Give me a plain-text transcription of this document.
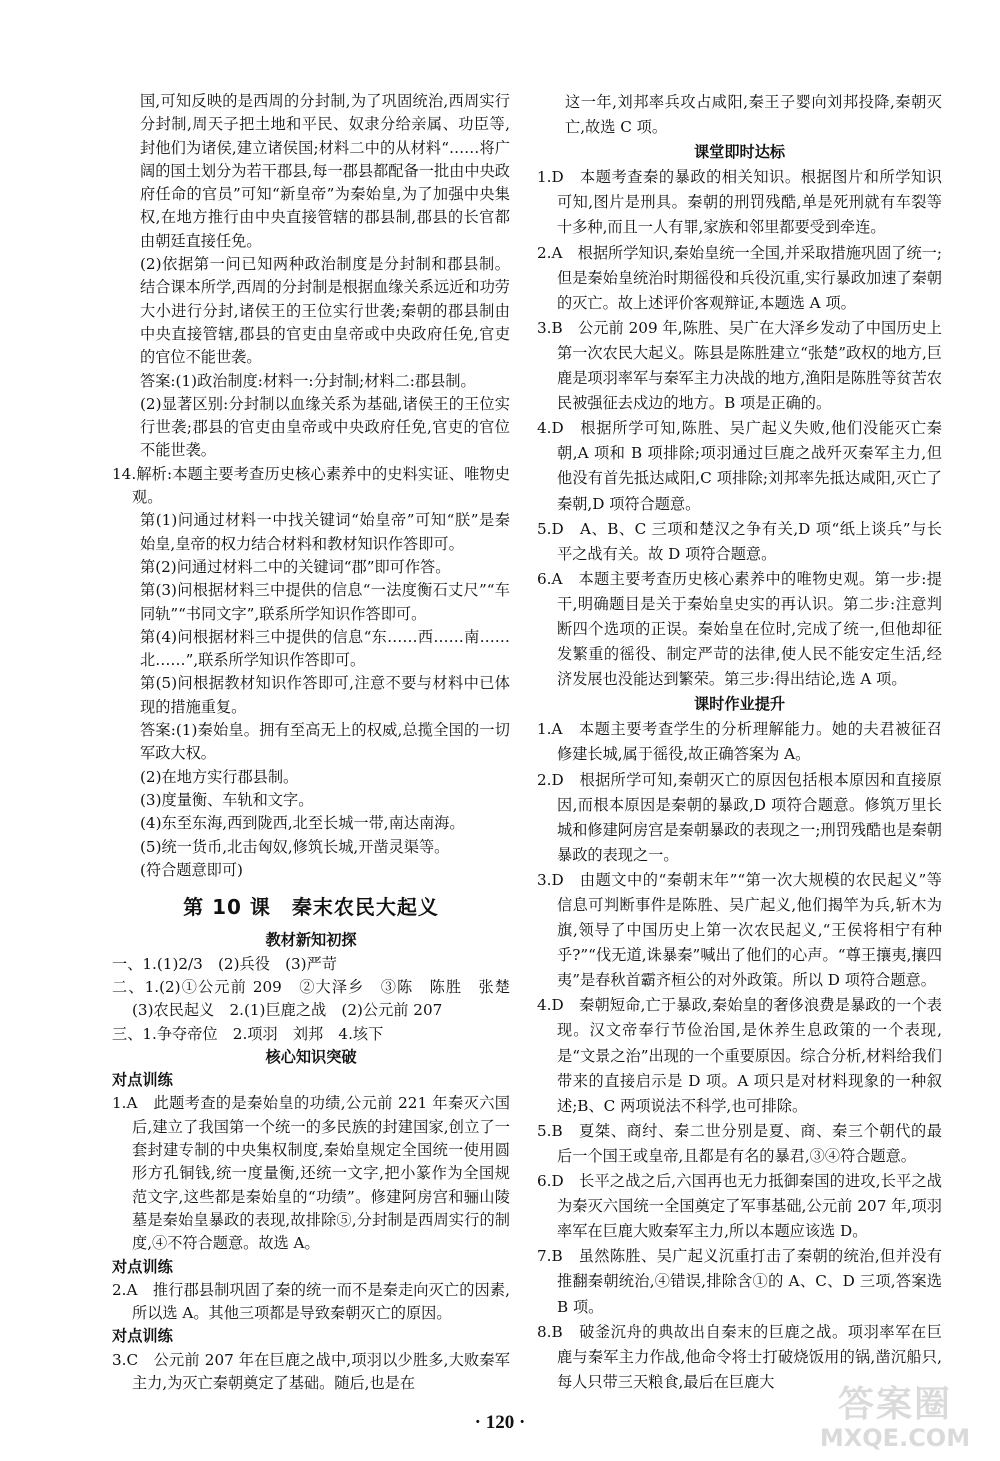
国,可知反映的是西周的分封制,为了巩固统治,西周实行分封制,周天子把土地和平民、奴隶分给亲属、功臣等,封他们为诸侯,建立诸侯国;材料二中的从材料“……将广阔的国土划分为若干郡县,每一郡县都配备一批由中央政府任命的官员”可知“新皇帝”为秦始皇,为了加强中央集权,在地方推行由中央直接管辖的郡县制,郡县的长官都由朝廷直接任免。

(2)依据第一问已知两种政治制度是分封制和郡县制。结合课本所学,西周的分封制是根据血缘关系远近和功劳大小进行分封,诸侯王的王位实行世袭;秦朝的郡县制由中央直接管辖,郡县的官吏由皇帝或中央政府任免,官吏的官位不能世袭。

答案:(1)政治制度:材料一:分封制;材料二:郡县制。

(2)显著区别:分封制以血缘关系为基础,诸侯王的王位实行世袭;郡县的官吏由皇帝或中央政府任免,官吏的官位不能世袭。

14.解析:本题主要考查历史核心素养中的史料实证、唯物史观。

第(1)问通过材料一中找关键词“始皇帝”可知“朕”是秦始皇,皇帝的权力结合材料和教材知识作答即可。

第(2)问通过材料二中的关键词“郡”即可作答。

第(3)问根据材料三中提供的信息“一法度衡石丈尺”“车同轨”“书同文字”,联系所学知识作答即可。

第(4)问根据材料三中提供的信息“东……西……南……北……”,联系所学知识作答即可。

第(5)问根据教材知识作答即可,注意不要与材料中已体现的措施重复。

答案:(1)秦始皇。拥有至高无上的权威,总揽全国的一切军政大权。

(2)在地方实行郡县制。

(3)度量衡、车轨和文字。

(4)东至东海,西到陇西,北至长城一带,南达南海。

(5)统一货币,北击匈奴,修筑长城,开凿灵渠等。

(符合题意即可)

第 10 课　秦末农民大起义

教材新知初探

一、1.(1)2/3　(2)兵役　(3)严苛

二、1.(2)①公元前 209　②大泽乡　③陈　陈胜　张楚　(3)农民起义　2.(1)巨鹿之战　(2)公元前 207

三、1.争夺帝位　2.项羽　刘邦　4.垓下

核心知识突破

对点训练

1.A　此题考查的是秦始皇的功绩,公元前 221 年秦灭六国后,建立了我国第一个统一的多民族的封建国家,创立了一套封建专制的中央集权制度,秦始皇规定全国统一使用圆形方孔铜钱,统一度量衡,还统一文字,把小篆作为全国规范文字,这些都是秦始皇的“功绩”。修建阿房宫和骊山陵墓是秦始皇暴政的表现,故排除⑤,分封制是西周实行的制度,④不符合题意。故选 A。

对点训练

2.A　推行郡县制巩固了秦的统一而不是秦走向灭亡的因素,所以选 A。其他三项都是导致秦朝灭亡的原因。

对点训练

3.C　公元前 207 年在巨鹿之战中,项羽以少胜多,大败秦军主力,为灭亡秦朝奠定了基础。随后,也是在

这一年,刘邦率兵攻占咸阳,秦王子婴向刘邦投降,秦朝灭亡,故选 C 项。

课堂即时达标

1.D　本题考查秦的暴政的相关知识。根据图片和所学知识可知,图片是刑具。秦朝的刑罚残酷,单是死刑就有车裂等十多种,而且一人有罪,家族和邻里都要受到牵连。

2.A　根据所学知识,秦始皇统一全国,并采取措施巩固了统一;但是秦始皇统治时期徭役和兵役沉重,实行暴政加速了秦朝的灭亡。故上述评价客观辩证,本题选 A 项。

3.B　公元前 209 年,陈胜、吴广在大泽乡发动了中国历史上第一次农民大起义。陈县是陈胜建立“张楚”政权的地方,巨鹿是项羽率军与秦军主力决战的地方,渔阳是陈胜等贫苦农民被强征去戍边的地方。B 项是正确的。

4.D　根据所学可知,陈胜、吴广起义失败,他们没能灭亡秦朝,A 项和 B 项排除;项羽通过巨鹿之战歼灭秦军主力,但他没有首先抵达咸阳,C 项排除;刘邦率先抵达咸阳,灭亡了秦朝,D 项符合题意。

5.D　A、B、C 三项和楚汉之争有关,D 项“纸上谈兵”与长平之战有关。故 D 项符合题意。

6.A　本题主要考查历史核心素养中的唯物史观。第一步:提干,明确题目是关于秦始皇史实的再认识。第二步:注意判断四个选项的正误。秦始皇在位时,完成了统一,但他却征发繁重的徭役、制定严苛的法律,使人民不能安定生活,经济发展也没能达到繁荣。第三步:得出结论,选 A 项。

课时作业提升

1.A　本题主要考查学生的分析理解能力。她的夫君被征召修建长城,属于徭役,故正确答案为 A。

2.D　根据所学可知,秦朝灭亡的原因包括根本原因和直接原因,而根本原因是秦朝的暴政,D 项符合题意。修筑万里长城和修建阿房宫是秦朝暴政的表现之一;刑罚残酷也是秦朝暴政的表现之一。

3.D　由题文中的“秦朝末年”“第一次大规模的农民起义”等信息可判断事件是陈胜、吴广起义,他们揭竿为兵,斩木为旗,领导了中国历史上第一次农民起义,“王侯将相宁有种乎?”“伐无道,诛暴秦”喊出了他们的心声。“尊王攘夷,攘四夷”是春秋首霸齐桓公的对外政策。所以 D 项符合题意。

4.D　秦朝短命,亡于暴政,秦始皇的奢侈浪费是暴政的一个表现。汉文帝奉行节俭治国,是休养生息政策的一个表现,是“文景之治”出现的一个重要原因。综合分析,材料给我们带来的直接启示是 D 项。A 项只是对材料现象的一种叙述;B、C 两项说法不科学,也可排除。

5.B　夏桀、商纣、秦二世分别是夏、商、秦三个朝代的最后一个国王或皇帝,且都是有名的暴君,③④符合题意。

6.D　长平之战之后,六国再也无力抵御秦国的进攻,长平之战为秦灭六国统一全国奠定了军事基础,公元前 207 年,项羽率军在巨鹿大败秦军主力,所以本题应该选 D。

7.B　虽然陈胜、吴广起义沉重打击了秦朝的统治,但并没有推翻秦朝统治,④错误,排除含①的 A、C、D 三项,答案选 B 项。

8.B　破釜沉舟的典故出自秦末的巨鹿之战。项羽率军在巨鹿与秦军主力作战,他命令将士打破烧饭用的锅,凿沉船只,每人只带三天粮食,最后在巨鹿大

· 120 ·	答案圈
MXQE.COM
